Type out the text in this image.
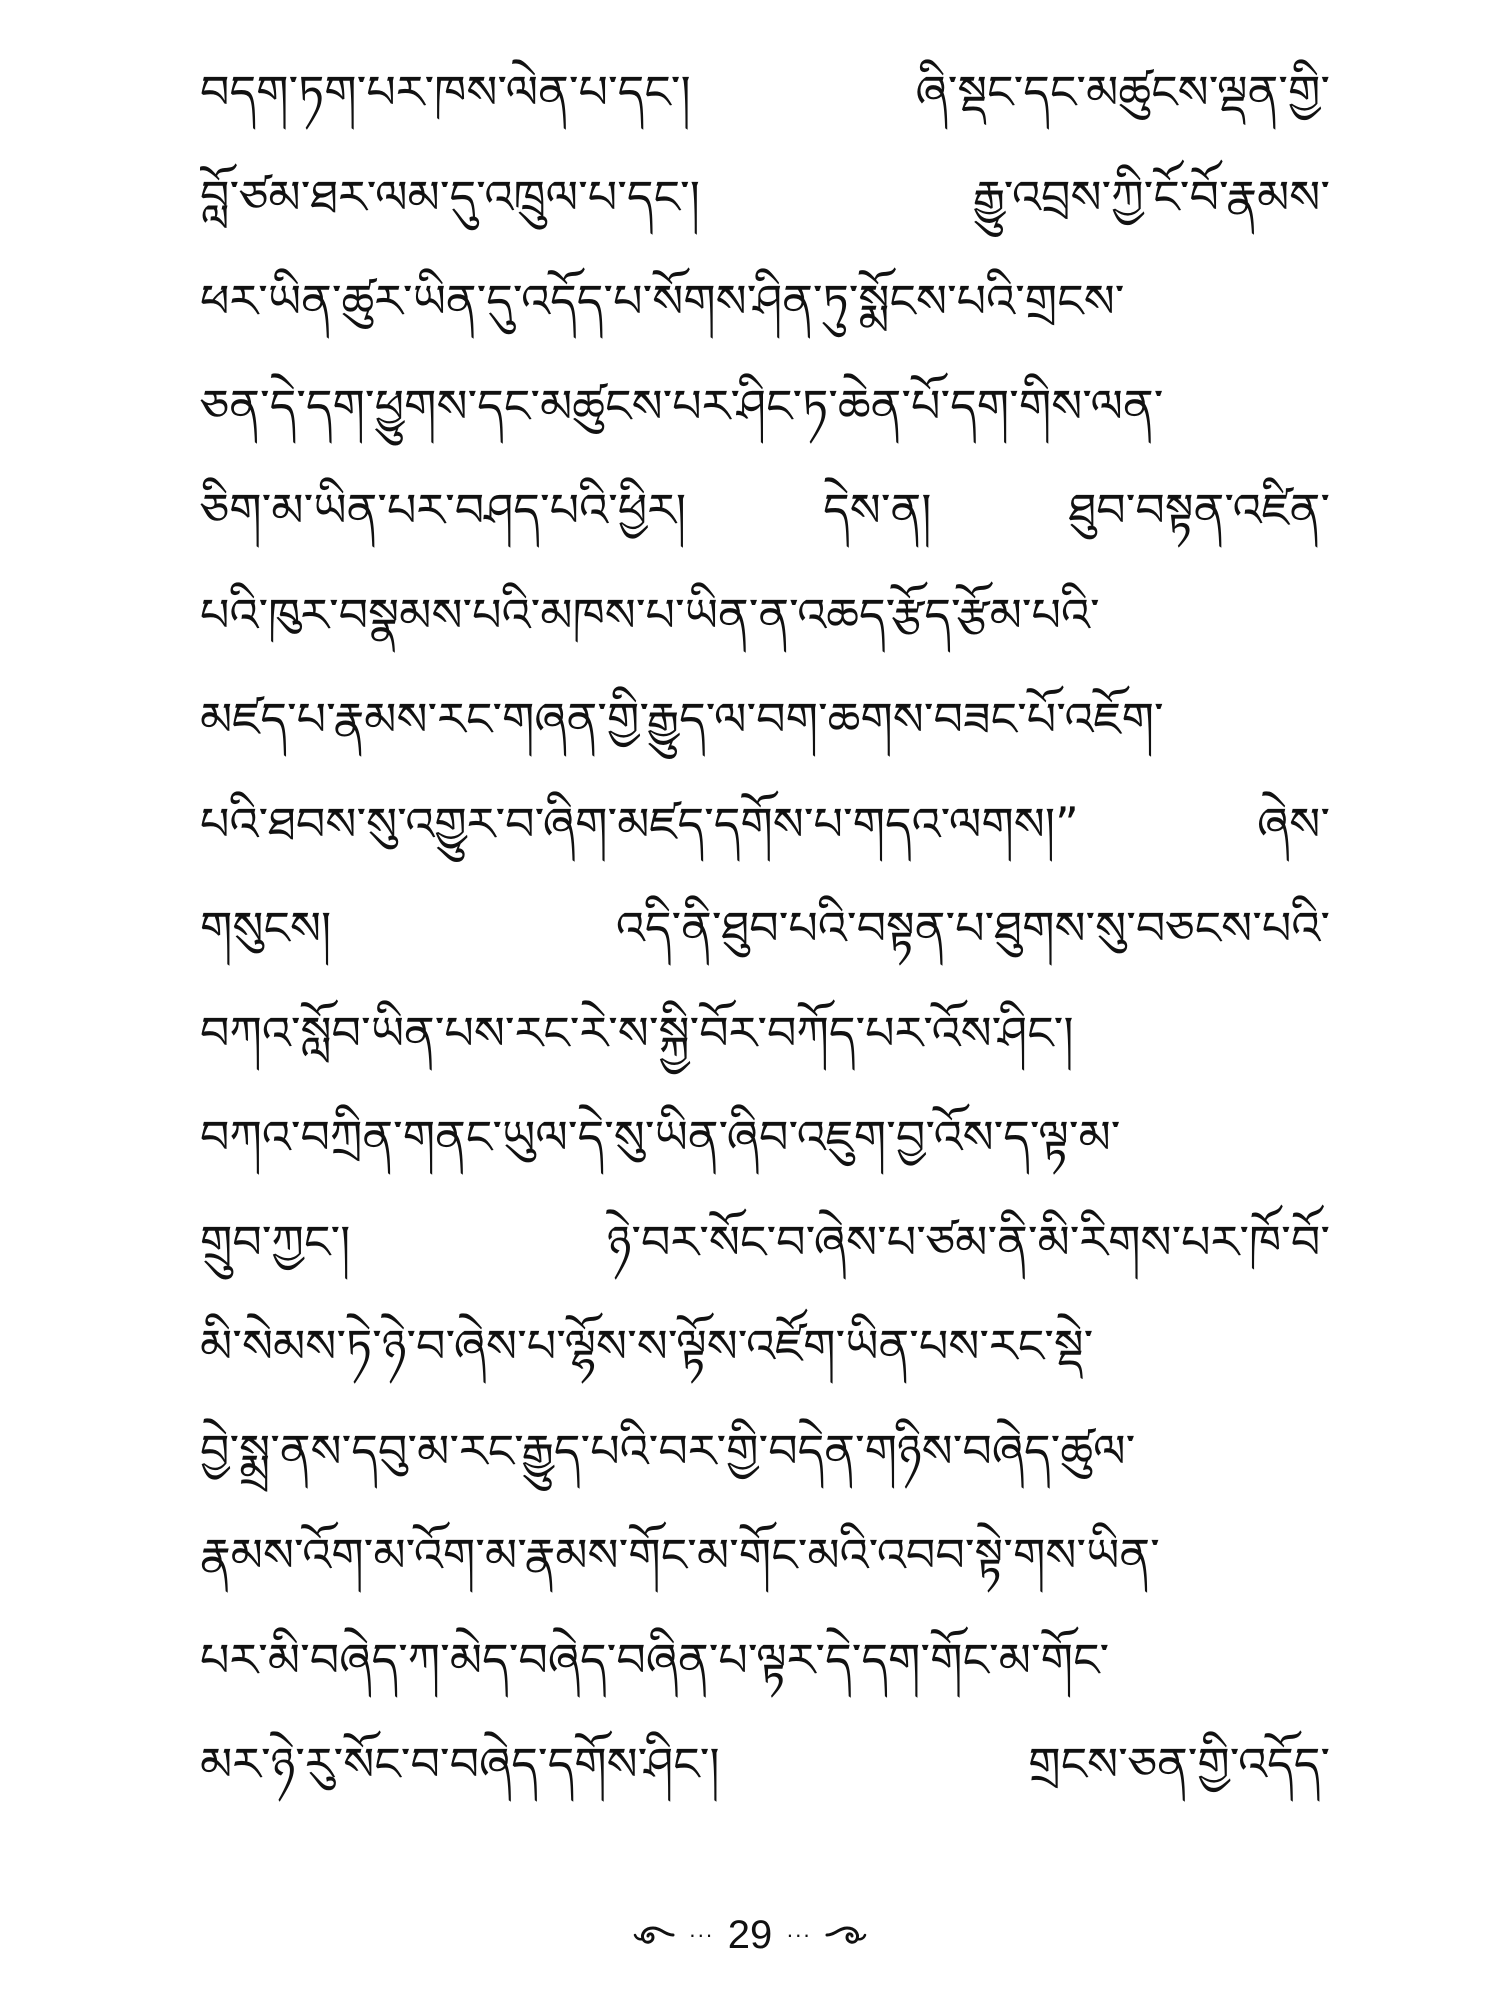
བདག་ཏག་པར་ཁས་ལེན་པ་དང་། ཞི་སྡང་དང་མཚུངས་ལྡན་གྱི་
བློ་ཙམ་ཐར་ལམ་དུ་འཁྲུལ་པ་དང་། རྒྱུ་འབྲས་ཀྱི་ངོ་བོ་རྣམས་
ཕར་ཡིན་ཚུར་ཡིན་དུ་འདོད་པ་སོགས་ཤིན་ཏུ་སྨོངས་པའི་གྲངས་
ཅན་དེ་དག་ཕྱུགས་དང་མཚུངས་པར་ཤིང་ཏ་ཆེན་པོ་དག་གིས་ལན་
ཅིག་མ་ཡིན་པར་བཤད་པའི་ཕྱིར། དེས་ན། ཐུབ་བསྟན་འཛིན་
པའི་ཁུར་བསྣམས་པའི་མཁས་པ་ཡིན་ན་འཆད་རྩོད་རྩོམ་པའི་
མཛད་པ་རྣམས་རང་གཞན་གྱི་རྒྱུད་ལ་བག་ཆགས་བཟང་པོ་འཇོག་
པའི་ཐབས་སུ་འགྱུར་བ་ཞིག་མཛད་དགོས་པ་གདའ་ལགས།” ཞེས་
གསུངས། འདི་ནི་ཐུབ་པའི་བསྟན་པ་ཐུགས་སུ་བཅངས་པའི་
བཀའ་སློབ་ཡིན་པས་རང་རེ་ས་སྐྱི་བོར་བཀོད་པར་འོས་ཤིང་།
བཀའ་བཀྲིན་གནང་ཡུལ་དེ་སུ་ཡིན་ཞིབ་འཇུག་བྱ་འོས་ད་ལྟ་མ་
གྲུབ་ཀྱང་། ཉེ་བར་སོང་བ་ཞེས་པ་ཙམ་ནི་མི་རིགས་པར་ཁོ་བོ་
མི་སེམས་ཏེ་ཉེ་བ་ཞེས་པ་ལྷོས་ས་ལྟོས་འཛོག་ཡིན་པས་རང་སྡེ་
བྱེ་སྨྲ་ནས་དབུ་མ་རང་རྒྱུད་པའི་བར་གྱི་བདེན་གཉིས་བཞེད་ཚུལ་
རྣམས་འོག་མ་འོག་མ་རྣམས་གོང་མ་གོང་མའི་འབབ་སྟེ་གས་ཡིན་
པར་མི་བཞེད་ཀ་མེད་བཞེད་བཞིན་པ་ལྟར་དེ་དག་གོང་མ་གོང་
མར་ཉེ་རུ་སོང་བ་བཞེད་དགོས་ཤིང་། གྲངས་ཅན་གྱི་འདོད་
··· 29 ···
